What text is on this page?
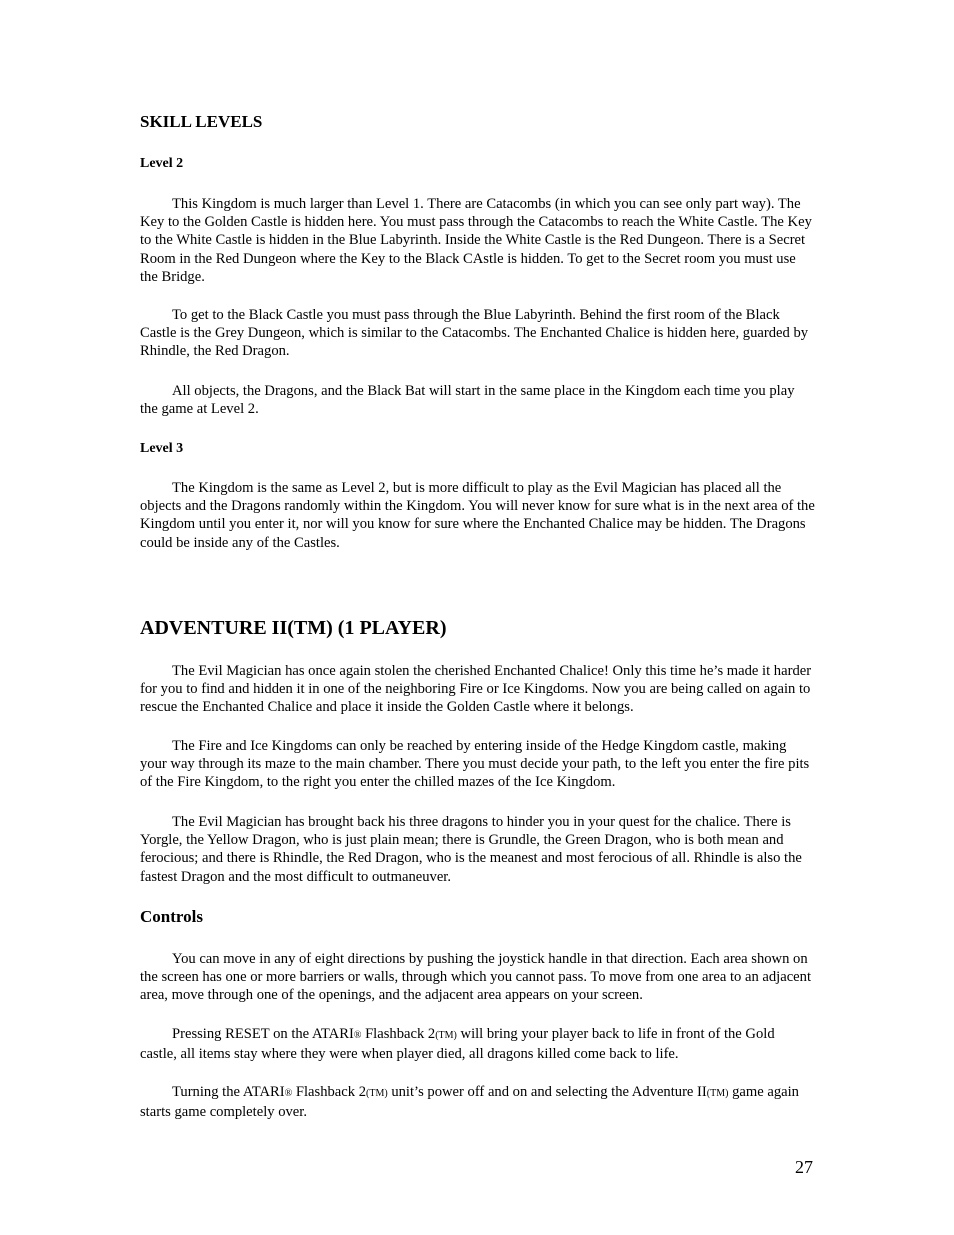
SKILL LEVELS
Level 2

This Kingdom is much larger than Level 1. There are Catacombs (in which you can see only part way). The Key to the Golden Castle is hidden here. You must pass through the Catacombs to reach the White Castle. The Key to the White Castle is hidden in the Blue Labyrinth. Inside the White Castle is the Red Dungeon. There is a Secret Room in the Red Dungeon where the Key to the Black CAstle is hidden. To get to the Secret room you must use the Bridge.

To get to the Black Castle you must pass through the Blue Labyrinth. Behind the first room of the Black Castle is the Grey Dungeon, which is similar to the Catacombs. The Enchanted Chalice is hidden here, guarded by Rhindle, the Red Dragon.

All objects, the Dragons, and the Black Bat will start in the same place in the Kingdom each time you play the game at Level 2.

Level 3

The Kingdom is the same as Level 2, but is more difficult to play as the Evil Magician has placed all the objects and the Dragons randomly within the Kingdom. You will never know for sure what is in the next area of the Kingdom until you enter it, nor will you know for sure where the Enchanted Chalice may be hidden. The Dragons could be inside any of the Castles.

ADVENTURE II(TM) (1 PLAYER)

The Evil Magician has once again stolen the cherished Enchanted Chalice! Only this time he’s made it harder for you to find and hidden it in one of the neighboring Fire or Ice Kingdoms. Now you are being called on again to rescue the Enchanted Chalice and place it inside the Golden Castle where it belongs.

The Fire and Ice Kingdoms can only be reached by entering inside of the Hedge Kingdom castle, making your way through its maze to the main chamber. There you must decide your path, to the left you enter the fire pits of the Fire Kingdom, to the right you enter the chilled mazes of the Ice Kingdom.

The Evil Magician has brought back his three dragons to hinder you in your quest for the chalice. There is Yorgle, the Yellow Dragon, who is just plain mean; there is Grundle, the Green Dragon, who is both mean and ferocious; and there is Rhindle, the Red Dragon, who is the meanest and most ferocious of all. Rhindle is also the fastest Dragon and the most difficult to outmaneuver.

Controls

You can move in any of eight directions by pushing the joystick handle in that direction. Each area shown on the screen has one or more barriers or walls, through which you cannot pass. To move from one area to an adjacent area, move through one of the openings, and the adjacent area appears on your screen.

Pressing RESET on the ATARI® Flashback 2(TM) will bring your player back to life in front of the Gold castle, all items stay where they were when player died, all dragons killed come back to life.

Turning the ATARI® Flashback 2(TM) unit’s power off and on and selecting the Adventure II(TM) game again starts game completely over.

27
